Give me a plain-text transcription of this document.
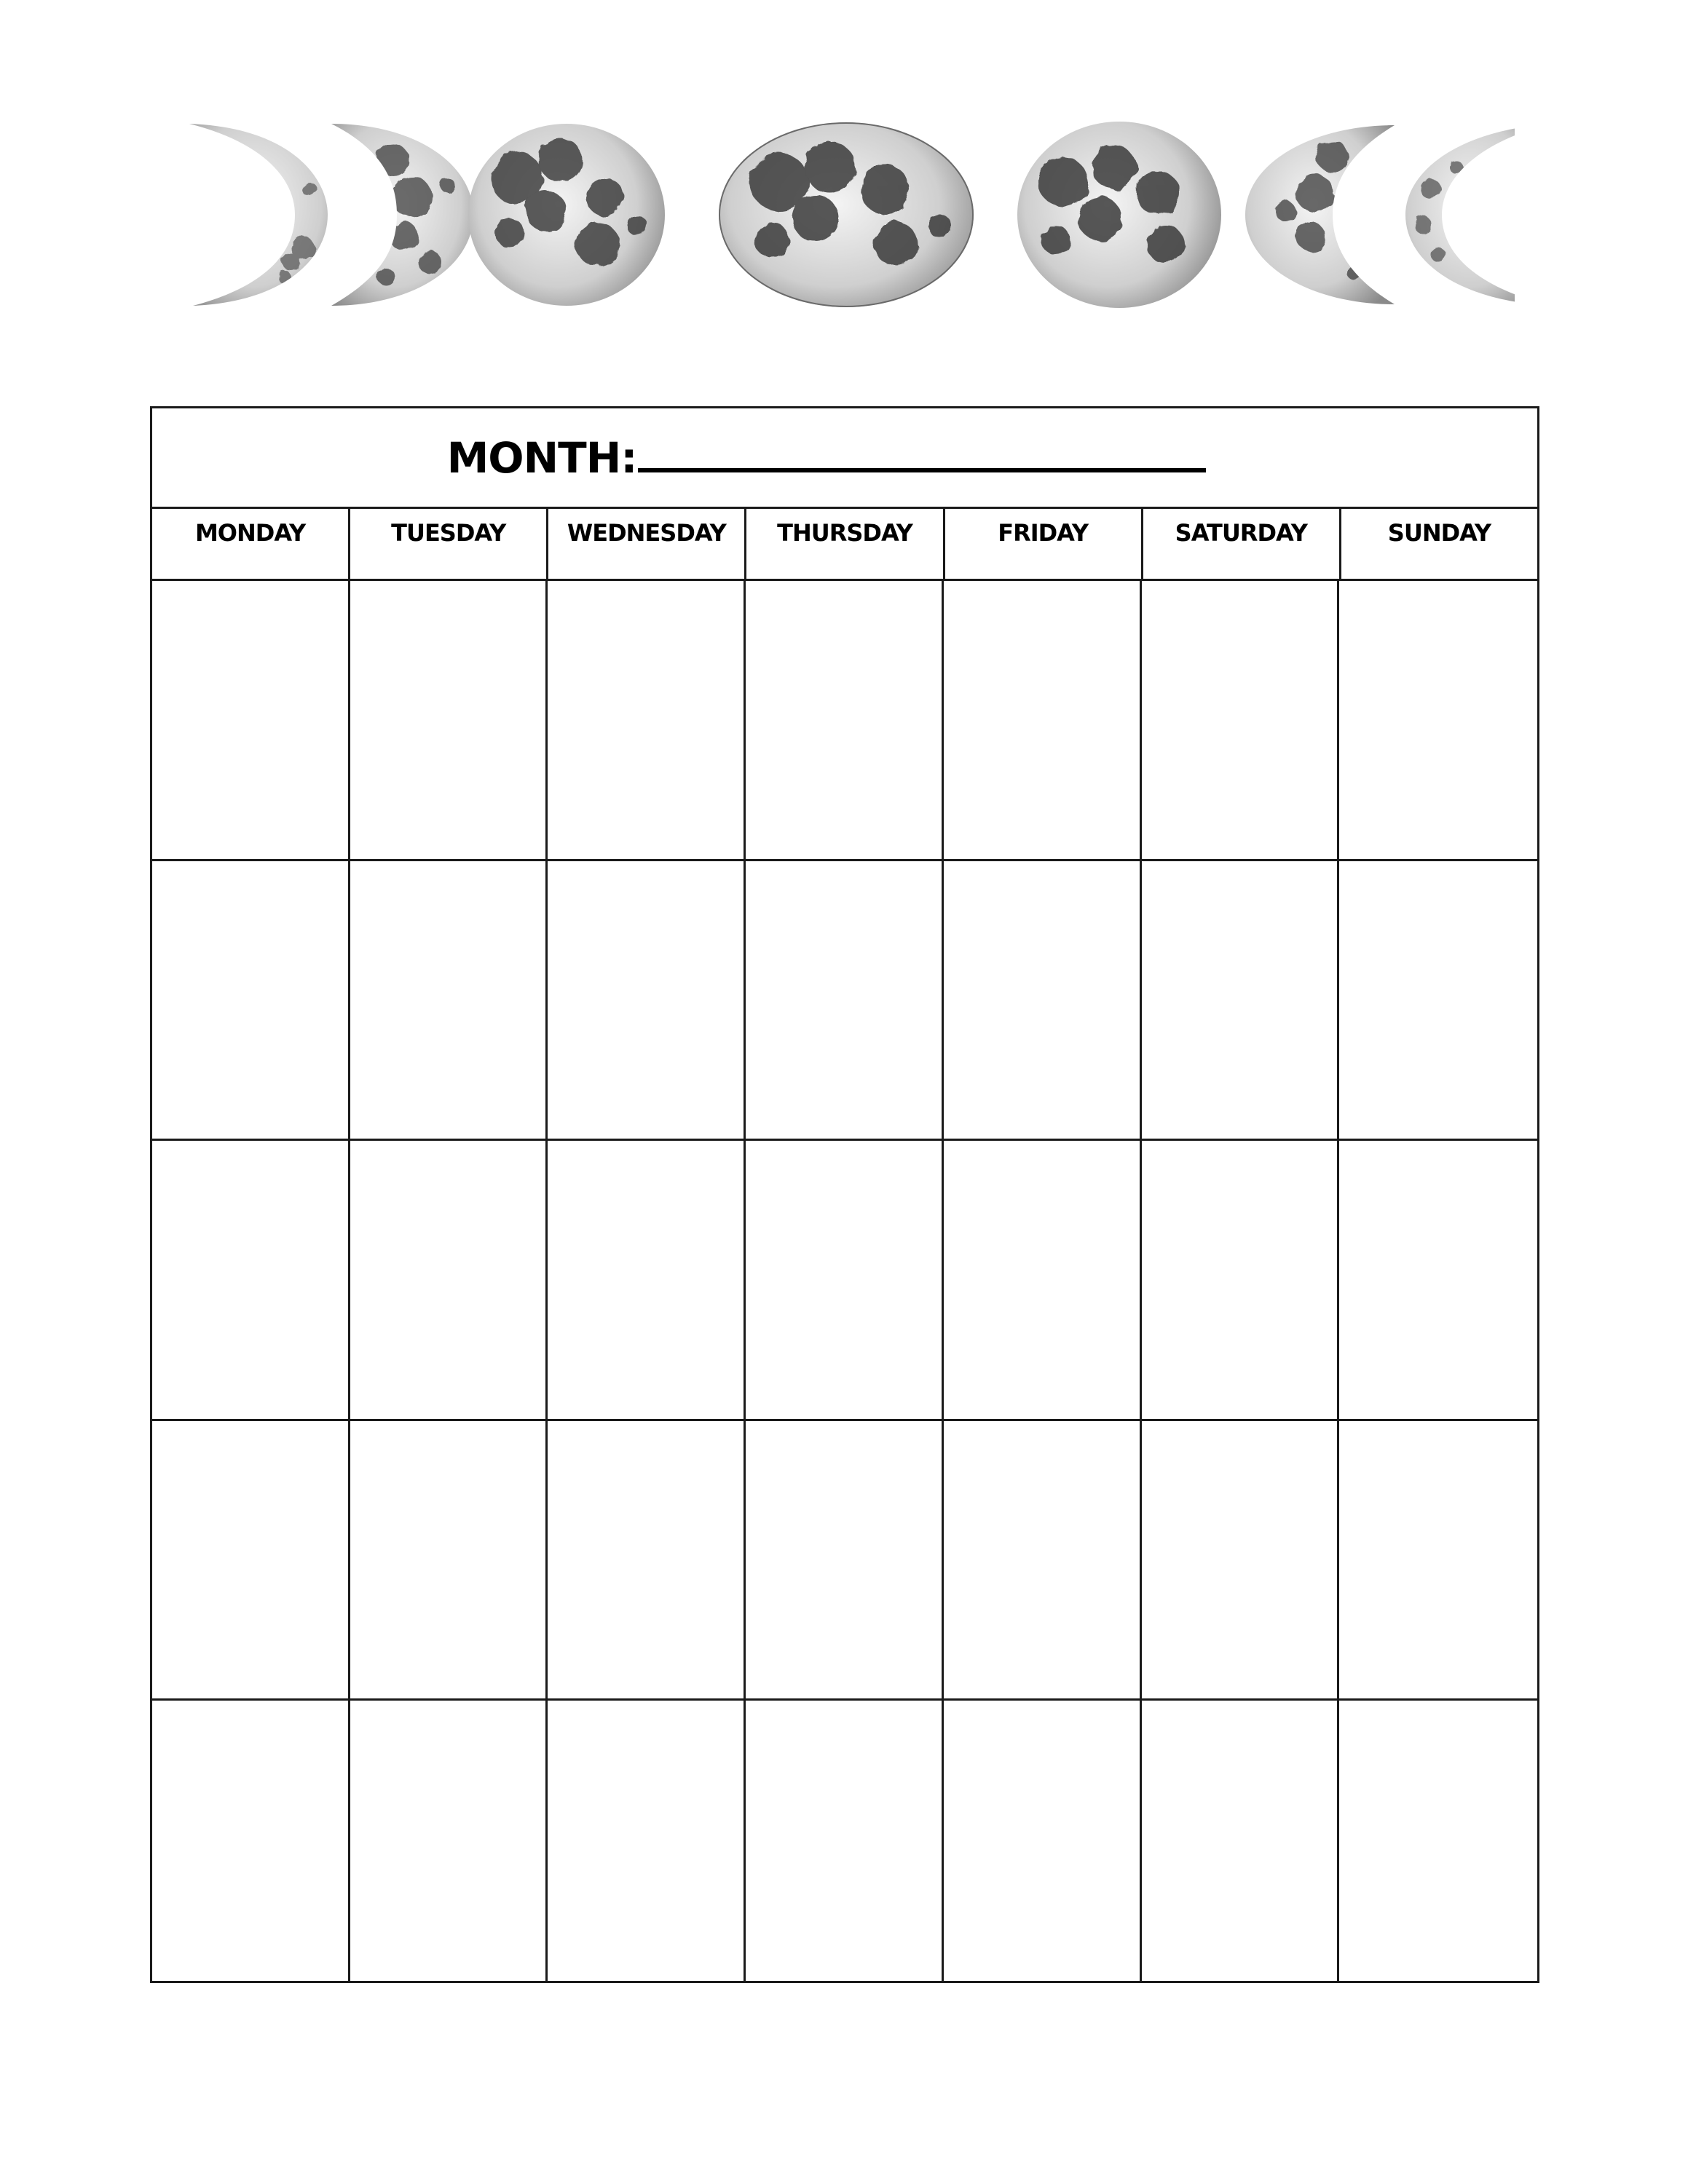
MONTH:
MONDAY	TUESDAY	WEDNESDAY	THURSDAY	FRIDAY	SATURDAY	SUNDAY
